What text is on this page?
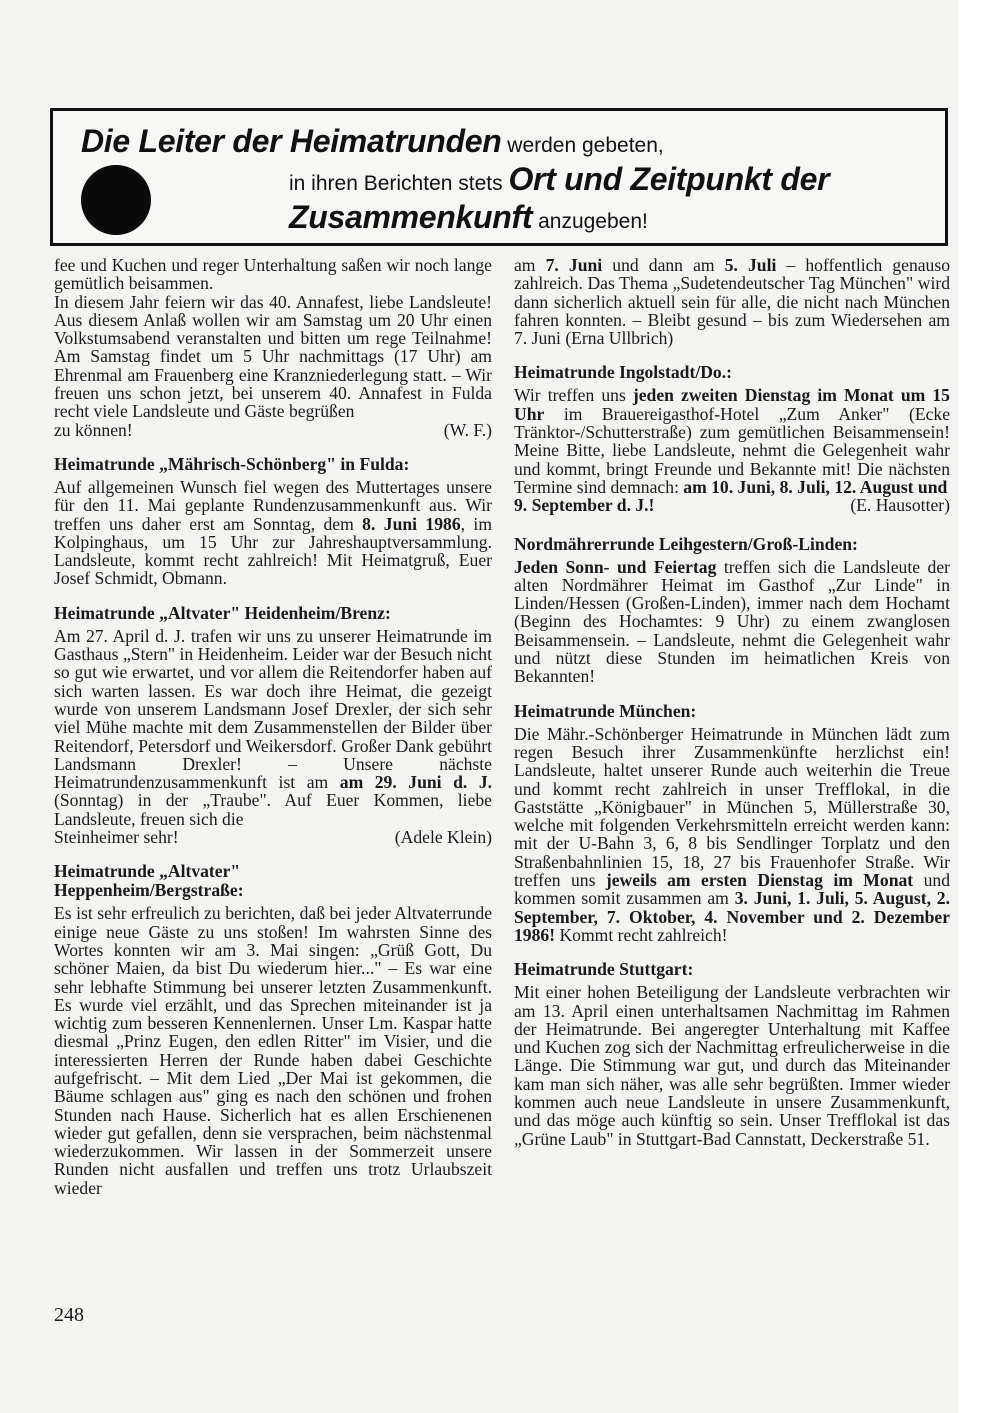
Die Leiter der Heimatrunden werden gebeten,
in ihren Berichten stets Ort und Zeitpunkt der
Zusammenkunft anzugeben!

fee und Kuchen und reger Unterhaltung saßen wir noch lange gemütlich beisammen.

In diesem Jahr feiern wir das 40. Annafest, liebe Landsleute! Aus diesem Anlaß wollen wir am Samstag um 20 Uhr einen Volkstumsabend veranstalten und bitten um rege Teilnahme! Am Samstag findet um 5 Uhr nachmittags (17 Uhr) am Ehrenmal am Frauenberg eine Kranzniederlegung statt. – Wir freuen uns schon jetzt, bei unserem 40. Annafest in Fulda recht viele Landsleute und Gäste begrüßen

zu können!	(W. F.)

Heimatrunde „Mährisch-Schönberg" in Fulda:

Auf allgemeinen Wunsch fiel wegen des Muttertages unsere für den 11. Mai geplante Rundenzusammenkunft aus. Wir treffen uns daher erst am Sonntag, dem 8. Juni 1986, im Kolpinghaus, um 15 Uhr zur Jahreshauptversammlung. Landsleute, kommt recht zahlreich! Mit Heimatgruß, Euer Josef Schmidt, Obmann.

Heimatrunde „Altvater" Heidenheim/Brenz:

Am 27. April d. J. trafen wir uns zu unserer Heimatrunde im Gasthaus „Stern" in Heidenheim. Leider war der Besuch nicht so gut wie erwartet, und vor allem die Reitendorfer haben auf sich warten lassen. Es war doch ihre Heimat, die gezeigt wurde von unserem Landsmann Josef Drexler, der sich sehr viel Mühe machte mit dem Zusammenstellen der Bilder über Reitendorf, Petersdorf und Weikersdorf. Großer Dank gebührt Landsmann Drexler! – Unsere nächste Heimatrundenzusammenkunft ist am am 29. Juni d. J. (Sonntag) in der „Traube". Auf Euer Kommen, liebe Landsleute, freuen sich die

Steinheimer sehr!	(Adele Klein)

Heimatrunde „Altvater"
Heppenheim/Bergstraße:

Es ist sehr erfreulich zu berichten, daß bei jeder Altvaterrunde einige neue Gäste zu uns stoßen! Im wahrsten Sinne des Wortes konnten wir am 3. Mai singen: „Grüß Gott, Du schöner Maien, da bist Du wiederum hier..." – Es war eine sehr lebhafte Stimmung bei unserer letzten Zusammenkunft. Es wurde viel erzählt, und das Sprechen miteinander ist ja wichtig zum besseren Kennenlernen. Unser Lm. Kaspar hatte diesmal „Prinz Eugen, den edlen Ritter" im Visier, und die interessierten Herren der Runde haben dabei Geschichte aufgefrischt. – Mit dem Lied „Der Mai ist gekommen, die Bäume schlagen aus" ging es nach den schönen und frohen Stunden nach Hause. Sicherlich hat es allen Erschienenen wieder gut gefallen, denn sie versprachen, beim nächstenmal wiederzukommen. Wir lassen in der Sommerzeit unsere Runden nicht ausfallen und treffen uns trotz Urlaubszeit wieder

am 7. Juni und dann am 5. Juli – hoffentlich genauso zahlreich. Das Thema „Sudetendeutscher Tag München" wird dann sicherlich aktuell sein für alle, die nicht nach München fahren konnten. – Bleibt gesund – bis zum Wiedersehen am 7. Juni (Erna Ullbrich)

Heimatrunde Ingolstadt/Do.:

Wir treffen uns jeden zweiten Dienstag im Monat um 15 Uhr im Brauereigasthof-Hotel „Zum Anker" (Ecke Tränktor-/Schutterstraße) zum gemütlichen Beisammensein! Meine Bitte, liebe Landsleute, nehmt die Gelegenheit wahr und kommt, bringt Freunde und Bekannte mit! Die nächsten Termine sind demnach: am 10. Juni, 8. Juli, 12. August und

9. September d. J.!	(E. Hausotter)

Nordmährerrunde Leihgestern/Groß-Linden:

Jeden Sonn- und Feiertag treffen sich die Landsleute der alten Nordmährer Heimat im Gasthof „Zur Linde" in Linden/Hessen (Großen-Linden), immer nach dem Hochamt (Beginn des Hochamtes: 9 Uhr) zu einem zwanglosen Beisammensein. – Landsleute, nehmt die Gelegenheit wahr und nützt diese Stunden im heimatlichen Kreis von Bekannten!

Heimatrunde München:

Die Mähr.-Schönberger Heimatrunde in München lädt zum regen Besuch ihrer Zusammenkünfte herzlichst ein! Landsleute, haltet unserer Runde auch weiterhin die Treue und kommt recht zahlreich in unser Trefflokal, in die Gaststätte „Königbauer" in München 5, Müllerstraße 30, welche mit folgenden Verkehrsmitteln erreicht werden kann: mit der U-Bahn 3, 6, 8 bis Sendlinger Torplatz und den Straßenbahnlinien 15, 18, 27 bis Frauenhofer Straße. Wir treffen uns jeweils am ersten Dienstag im Monat und kommen somit zusammen am 3. Juni, 1. Juli, 5. August, 2. September, 7. Oktober, 4. November und 2. Dezember 1986! Kommt recht zahlreich!

Heimatrunde Stuttgart:

Mit einer hohen Beteiligung der Landsleute verbrachten wir am 13. April einen unterhaltsamen Nachmittag im Rahmen der Heimatrunde. Bei angeregter Unterhaltung mit Kaffee und Kuchen zog sich der Nachmittag erfreulicherweise in die Länge. Die Stimmung war gut, und durch das Miteinander kam man sich näher, was alle sehr begrüßten. Immer wieder kommen auch neue Landsleute in unsere Zusammenkunft, und das möge auch künftig so sein. Unser Trefflokal ist das „Grüne Laub" in Stuttgart-Bad Cannstatt, Deckerstraße 51.

248
